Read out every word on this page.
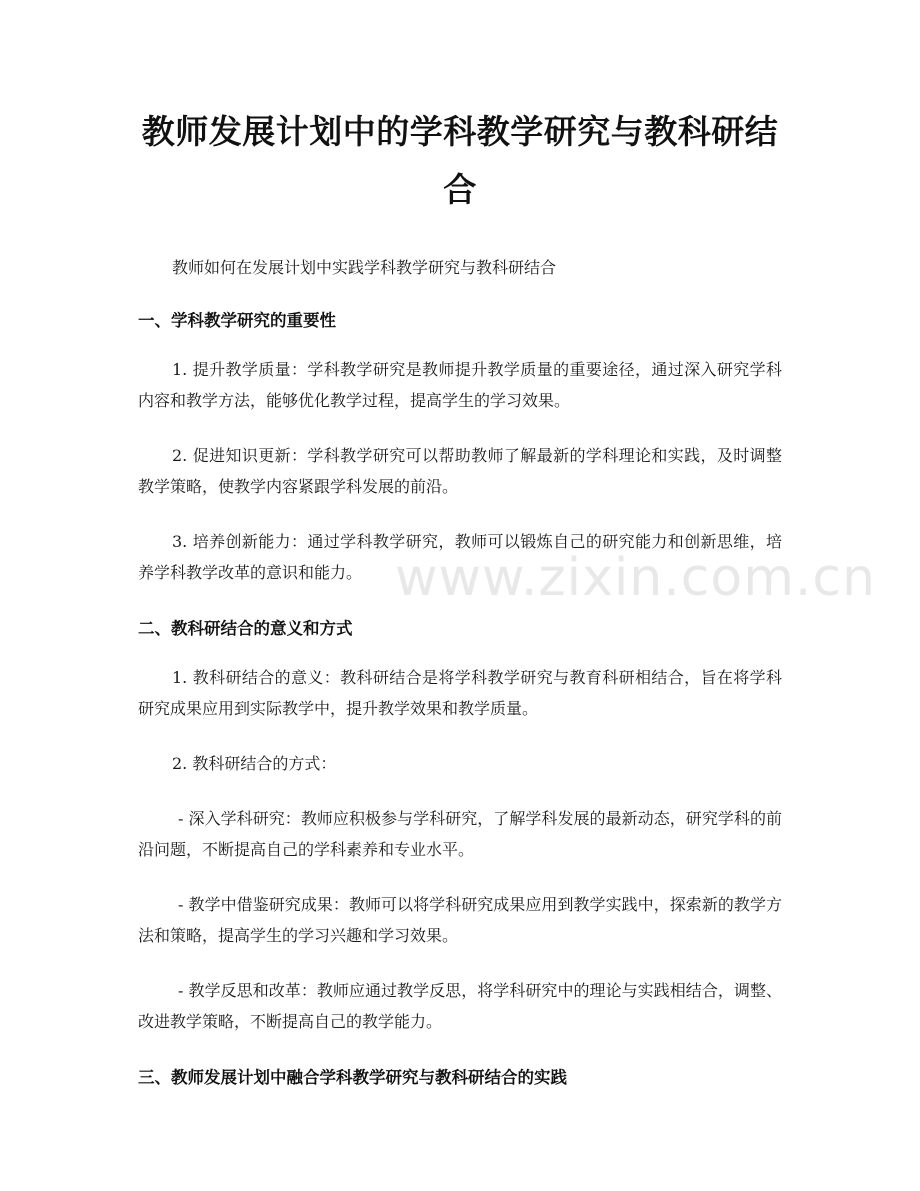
教师发展计划中的学科教学研究与教科研结合
教师如何在发展计划中实践学科教学研究与教科研结合
一、学科教学研究的重要性

1. 提升教学质量：学科教学研究是教师提升教学质量的重要途径，通过深入研究学科内容和教学方法，能够优化教学过程，提高学生的学习效果。

2. 促进知识更新：学科教学研究可以帮助教师了解最新的学科理论和实践，及时调整教学策略，使教学内容紧跟学科发展的前沿。

3. 培养创新能力：通过学科教学研究，教师可以锻炼自己的研究能力和创新思维，培养学科教学改革的意识和能力。

二、教科研结合的意义和方式

1. 教科研结合的意义：教科研结合是将学科教学研究与教育科研相结合，旨在将学科研究成果应用到实际教学中，提升教学效果和教学质量。

2. 教科研结合的方式：

- 深入学科研究：教师应积极参与学科研究，了解学科发展的最新动态，研究学科的前沿问题，不断提高自己的学科素养和专业水平。

- 教学中借鉴研究成果：教师可以将学科研究成果应用到教学实践中，探索新的教学方法和策略，提高学生的学习兴趣和学习效果。

- 教学反思和改革：教师应通过教学反思，将学科研究中的理论与实践相结合，调整、改进教学策略，不断提高自己的教学能力。

三、教师发展计划中融合学科教学研究与教科研结合的实践
www.zixin.com.cn
